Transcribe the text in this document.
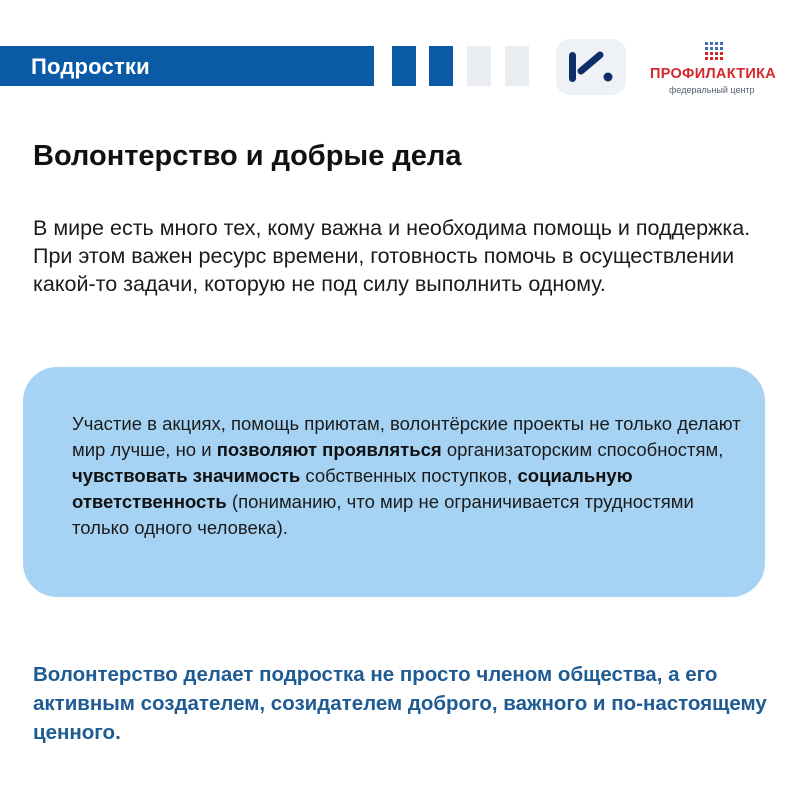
Подростки	ПРОФИЛАКТИКА
федеральный центр
Волонтерство и добрые дела

В мире есть много тех, кому важна и необходима помощь и поддержка. При этом важен ресурс времени, готовность помочь в осуществлении какой-то задачи, которую не под силу выполнить одному.

Участие в акциях, помощь приютам, волонтёрские проекты не только делают мир лучше, но и позволяют проявляться организаторским способностям, чувствовать значимость собственных поступков, социальную ответственность (пониманию, что мир не ограничивается трудностями только одного человека).

Волонтерство делает подростка не просто членом общества, а его активным создателем, созидателем доброго, важного и по-настоящему ценного.
